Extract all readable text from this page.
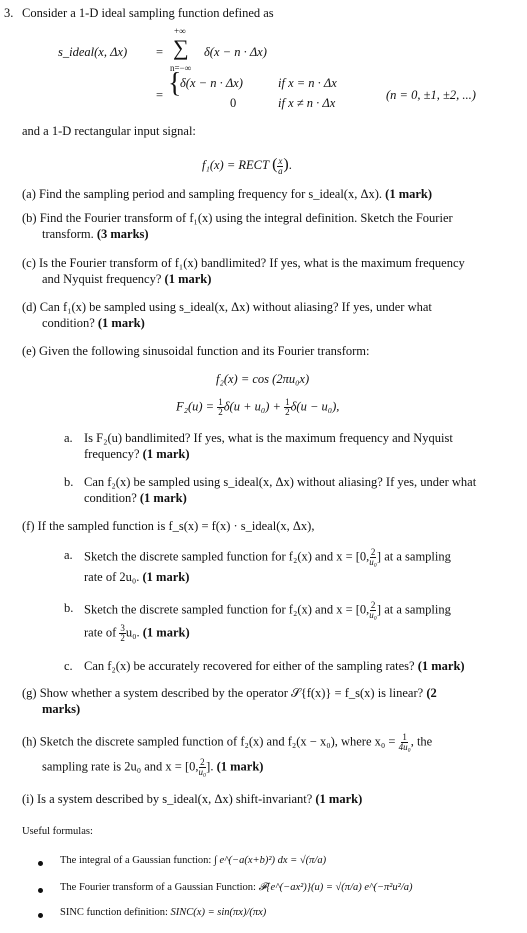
3. Consider a 1-D ideal sampling function defined as
+∞
s_ideal(x, Δx) = ∑ δ(x − n · Δx)
n=−∞
= {
δ(x − n · Δx)	if x = n · Δx
0	if x ≠ n · Δx
(n = 0, ±1, ±2, ...)
and a 1-D rectangular input signal:
f₁(x) = RECT ( $\frac{x}{a}$ ).
(a) Find the sampling period and sampling frequency for s_ideal(x, Δx). (1 mark)
(b) Find the Fourier transform of f₁(x) using the integral definition. Sketch the Fourier
transform. (3 marks)
(c) Is the Fourier transform of f₁(x) bandlimited? If yes, what is the maximum frequency
and Nyquist frequency? (1 mark)
(d) Can f₁(x) be sampled using s_ideal(x, Δx) without aliasing? If yes, under what
condition? (1 mark)
(e) Given the following sinusoidal function and its Fourier transform:
f₂(x) = cos (2πu₀x)
$F_2(u) = \frac{1}{2} \delta(u + u_0) + \frac{1}{2} \delta(u - u_0)$,
a. Is F₂(u) bandlimited? If yes, what is the maximum frequency and Nyquist
frequency? (1 mark)
b. Can f₂(x) be sampled using s_ideal(x, Δx) without aliasing? If yes, under what
condition? (1 mark)
(f) If the sampled function is f_s(x) = f(x) · s_ideal(x, Δx),
a. Sketch the discrete sampled function for f₂(x) and x = [0, $\frac{2}{\text{u₀}}$ ] at a sampling
rate of 2u₀. (1 mark)
b. Sketch the discrete sampled function for f₂(x) and x = [0, $\frac{2}{\text{u₀}}$ ] at a sampling
rate of $\frac{3}{2} u_0$. (1 mark)
c. Can f₂(x) be accurately recovered for either of the sampling rates? (1 mark)
(g) Show whether a system described by the operator 𝒮{f(x)} = f_s(x) is linear? (2
marks)
(h) Sketch the discrete sampled function of f₂(x) and f₂(x − x₀), where $x_0 = \frac{1}{\text{4u₀}}$ , the
sampling rate is 2u₀ and x = [0, $\frac{2}{\text{u₀}}$ ]. (1 mark)
(i) Is a system described by s_ideal(x, Δx) shift-invariant? (1 mark)
Useful formulas:
The integral of a Gaussian function: ∫ e^(−a(x+b)²) dx = √(π/a)
The Fourier transform of a Gaussian Function: 𝓕{e^(−ax²)}(u) = √(π/a) e^(−π²u²/a)
SINC function definition: SINC(x) = sin(πx)/(πx)
